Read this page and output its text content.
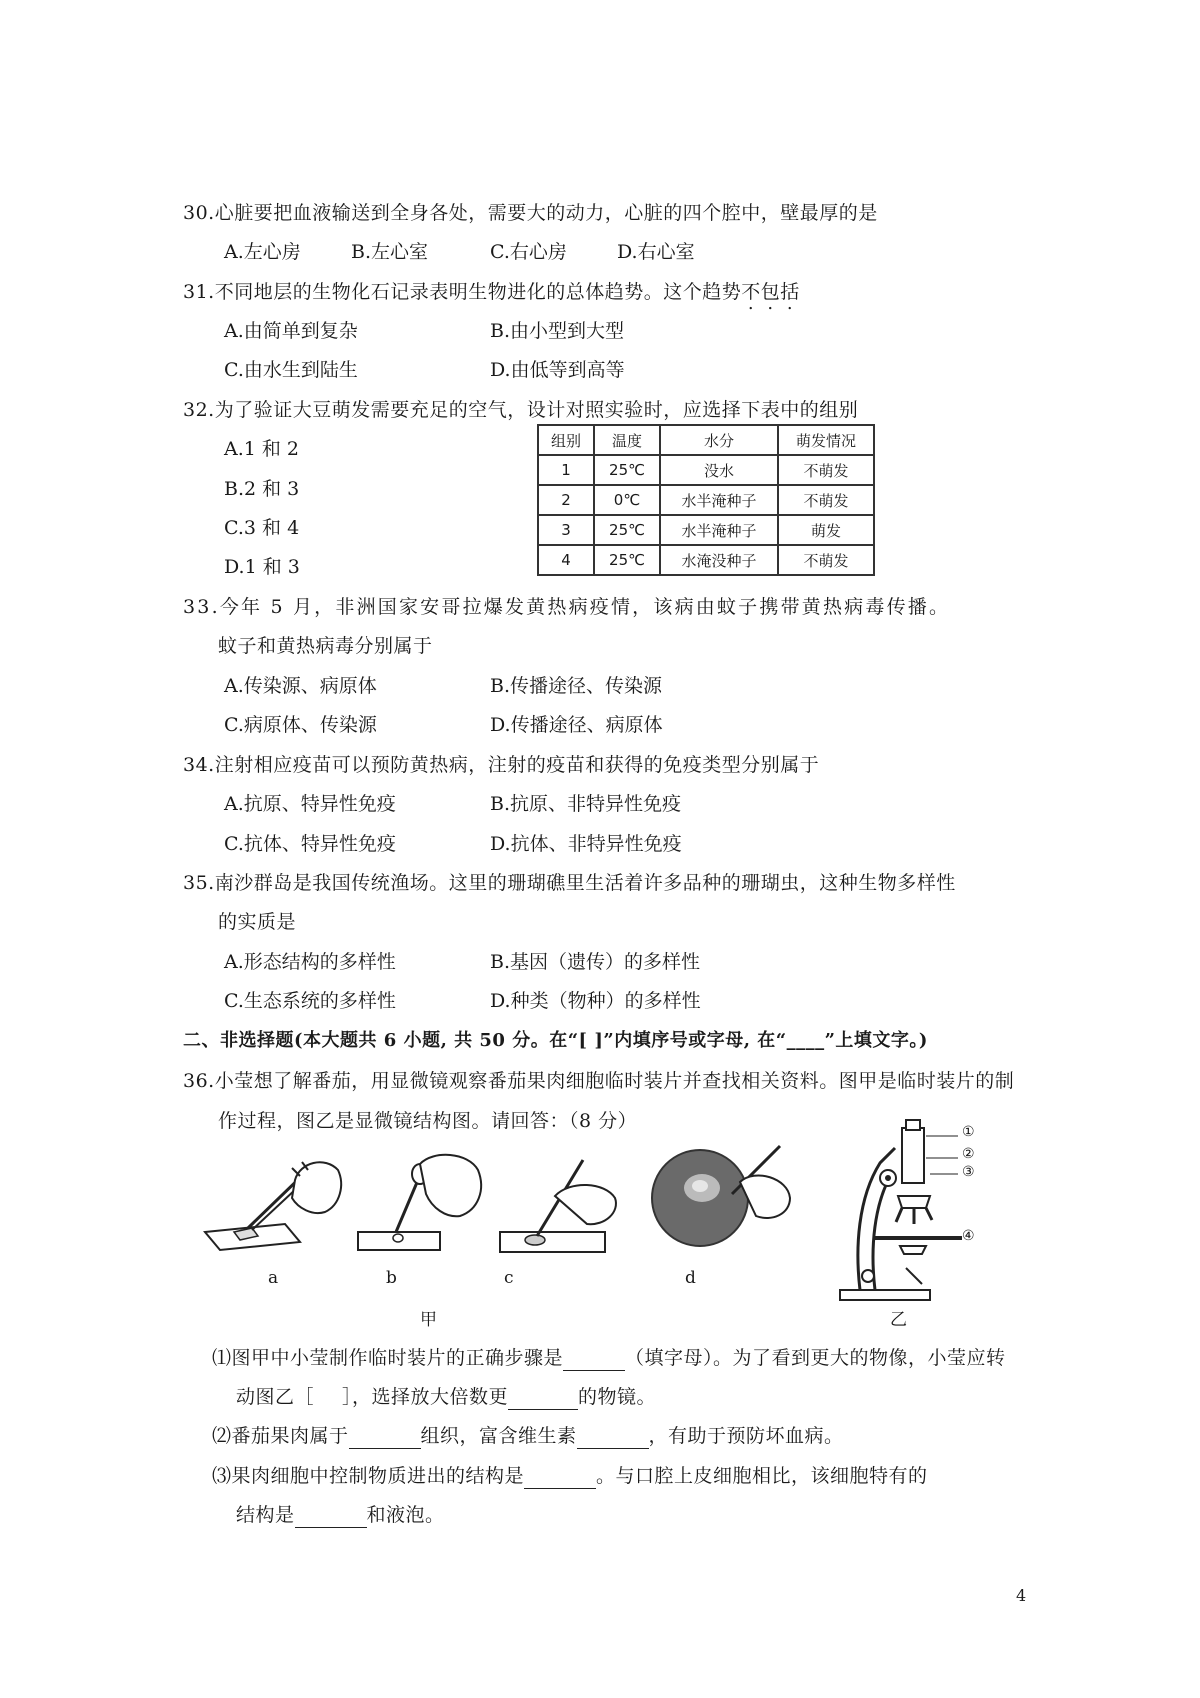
30.心脏要把血液输送到全身各处，需要大的动力，心脏的四个腔中，壁最厚的是
A.左心房	B.左心室	C.右心房	D.右心室
31.不同地层的生物化石记录表明生物进化的总体趋势。这个趋势不包括
A.由简单到复杂	B.由小型到大型
C.由水生到陆生	D.由低等到高等
32.为了验证大豆萌发需要充足的空气，设计对照实验时，应选择下表中的组别
A.1 和 2
B.2 和 3
C.3 和 4
D.1 和 3
组别	温度	水分	萌发情况
1	25℃	没水	不萌发
2	0℃	水半淹种子	不萌发
3	25℃	水半淹种子	萌发
4	25℃	水淹没种子	不萌发
33.今年 5 月，非洲国家安哥拉爆发黄热病疫情，该病由蚊子携带黄热病毒传播。
蚊子和黄热病毒分别属于
A.传染源、病原体	B.传播途径、传染源
C.病原体、传染源	D.传播途径、病原体
34.注射相应疫苗可以预防黄热病，注射的疫苗和获得的免疫类型分别属于
A.抗原、特异性免疫	B.抗原、非特异性免疫
C.抗体、特异性免疫	D.抗体、非特异性免疫
35.南沙群岛是我国传统渔场。这里的珊瑚礁里生活着许多品种的珊瑚虫，这种生物多样性
的实质是
A.形态结构的多样性	B.基因（遗传）的多样性
C.生态系统的多样性	D.种类（物种）的多样性
二、非选择题(本大题共 6 小题, 共 50 分。在“[ ]”内填序号或字母, 在“____”上填文字。)
36.小莹想了解番茄，用显微镜观察番茄果肉细胞临时装片并查找相关资料。图甲是临时装片的制
作过程，图乙是显微镜结构图。请回答：（8 分）
a	b	c	d
甲
①
②
③
④
乙
⑴图甲中小莹制作临时装片的正确步骤是	（填字母）。为了看到更大的物像，小莹应转
动图乙［ ］，选择放大倍数更	的物镜。
⑵番茄果肉属于	组织，富含维生素	，有助于预防坏血病。
⑶果肉细胞中控制物质进出的结构是	。与口腔上皮细胞相比，该细胞特有的
结构是	和液泡。
4
